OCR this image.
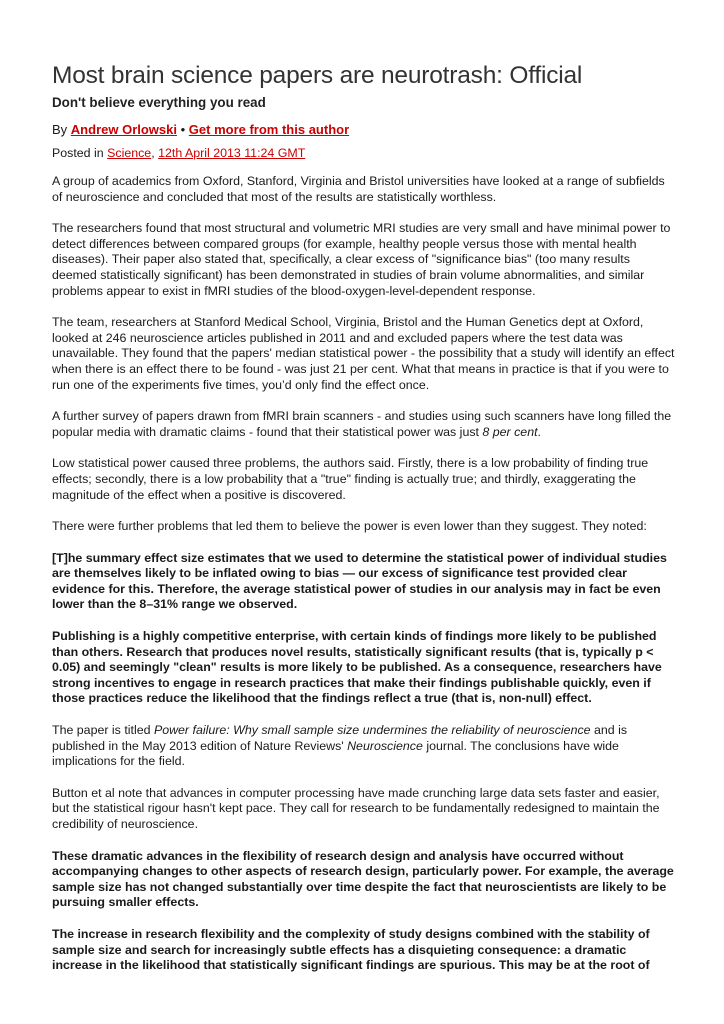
Most brain science papers are neurotrash: Official
Don't believe everything you read
By Andrew Orlowski • Get more from this author
Posted in Science, 12th April 2013 11:24 GMT

A group of academics from Oxford, Stanford, Virginia and Bristol universities have looked at a range of subfields of neuroscience and concluded that most of the results are statistically worthless.

The researchers found that most structural and volumetric MRI studies are very small and have minimal power to detect differences between compared groups (for example, healthy people versus those with mental health diseases). Their paper also stated that, specifically, a clear excess of "significance bias" (too many results deemed statistically significant) has been demonstrated in studies of brain volume abnormalities, and similar problems appear to exist in fMRI studies of the blood-oxygen-level-dependent response.

The team, researchers at Stanford Medical School, Virginia, Bristol and the Human Genetics dept at Oxford, looked at 246 neuroscience articles published in 2011 and and excluded papers where the test data was unavailable. They found that the papers' median statistical power - the possibility that a study will identify an effect when there is an effect there to be found - was just 21 per cent. What that means in practice is that if you were to run one of the experiments five times, you’d only find the effect once.

A further survey of papers drawn from fMRI brain scanners - and studies using such scanners have long filled the popular media with dramatic claims - found that their statistical power was just 8 per cent.

Low statistical power caused three problems, the authors said. Firstly, there is a low probability of finding true effects; secondly, there is a low probability that a "true" finding is actually true; and thirdly, exaggerating the magnitude of the effect when a positive is discovered.

There were further problems that led them to believe the power is even lower than they suggest. They noted:

[T]he summary effect size estimates that we used to determine the statistical power of individual studies are themselves likely to be inflated owing to bias — our excess of significance test provided clear evidence for this. Therefore, the average statistical power of studies in our analysis may in fact be even lower than the 8–31% range we observed.

Publishing is a highly competitive enterprise, with certain kinds of findings more likely to be published than others. Research that produces novel results, statistically significant results (that is, typically p < 0.05) and seemingly "clean" results is more likely to be published. As a consequence, researchers have strong incentives to engage in research practices that make their findings publishable quickly, even if those practices reduce the likelihood that the findings reflect a true (that is, non-null) effect.

The paper is titled Power failure: Why small sample size undermines the reliability of neuroscience and is published in the May 2013 edition of Nature Reviews' Neuroscience journal. The conclusions have wide implications for the field.

Button et al note that advances in computer processing have made crunching large data sets faster and easier, but the statistical rigour hasn't kept pace. They call for research to be fundamentally redesigned to maintain the credibility of neuroscience.

These dramatic advances in the flexibility of research design and analysis have occurred without accompanying changes to other aspects of research design, particularly power. For example, the average sample size has not changed substantially over time despite the fact that neuroscientists are likely to be pursuing smaller effects.

The increase in research flexibility and the complexity of study designs combined with the stability of sample size and search for increasingly subtle effects has a disquieting consequence: a dramatic increase in the likelihood that statistically significant findings are spurious. This may be at the root of
